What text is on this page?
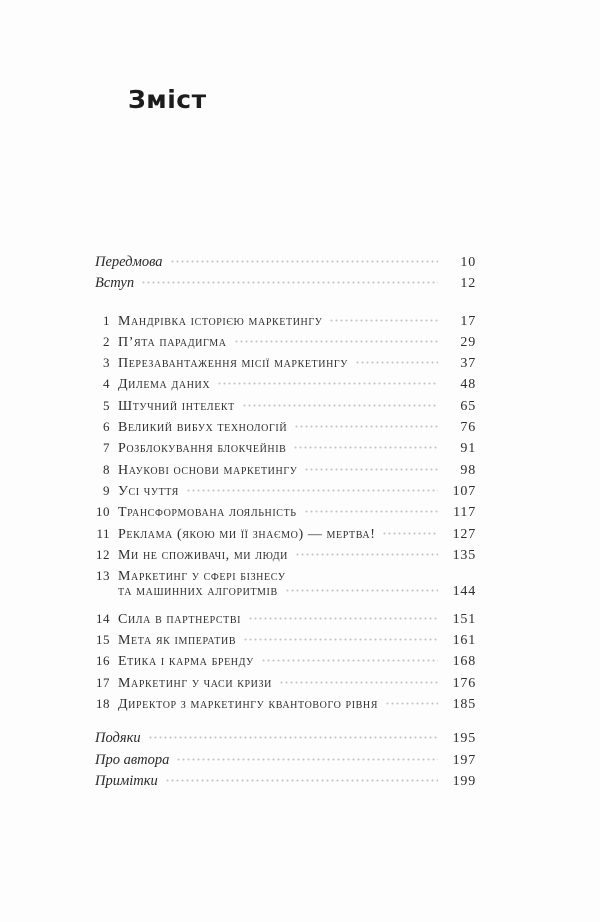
Зміст
Передмова	10
Вступ	12
1 Мандрівка історією маркетингу	17
2 П’ята парадигма	29
3 Перезавантаження місії маркетингу	37
4 Дилема даних	48
5 Штучний інтелект	65
6 Великий вибух технологій	76
7 Розблокування блокчейнів	91
8 Наукові основи маркетингу	98
9 Усі чуття	107
10 Трансформована лояльність	117
11 Реклама (якою ми її знаємо) — мертва!	127
12 Ми не споживачі, ми люди	135
13 Маркетинг у сфері бізнесу
та машинних алгоритмів	144
14 Сила в партнерстві	151
15 Мета як імператив	161
16 Етика і карма бренду	168
17 Маркетинг у часи кризи	176
18 Директор з маркетингу квантового рівня	185
Подяки	195
Про автора	197
Примітки	199
